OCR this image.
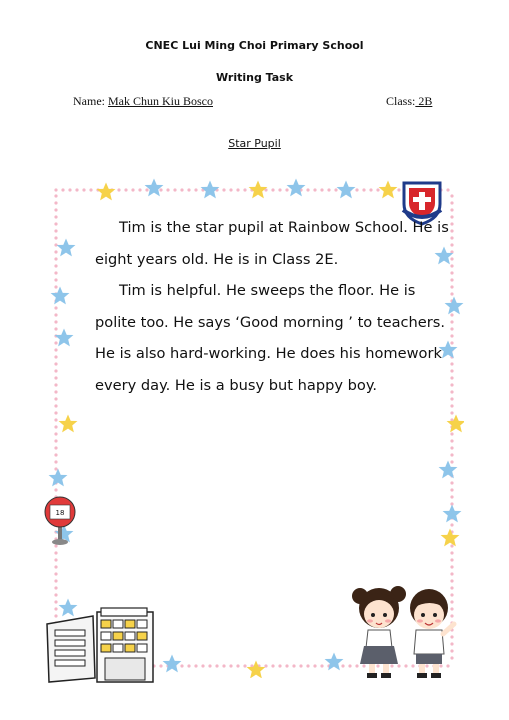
CNEC Lui Ming Choi Primary School
Writing Task
Name: Mak Chun Kiu Bosco	Class: 2B
Star Pupil
18

Tim is the star pupil at Rainbow School. He is eight years old. He is in Class 2E.

Tim is helpful. He sweeps the floor. He is polite too. He says ‘Good morning ’ to teachers. He is also hard-working. He does his homework every day. He is a busy but happy boy.
